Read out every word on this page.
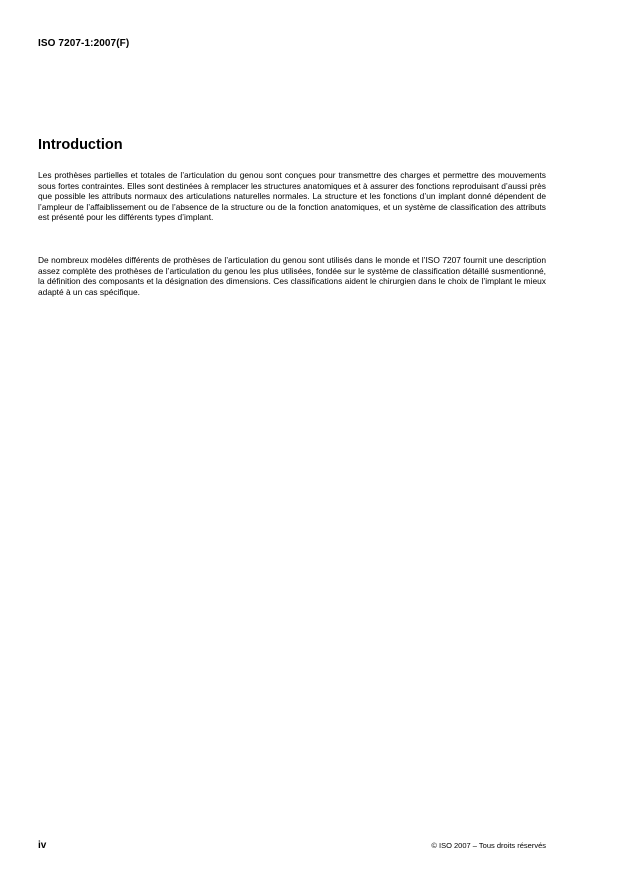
ISO 7207-1:2007(F)
Introduction

Les prothèses partielles et totales de l’articulation du genou sont conçues pour transmettre des charges et permettre des mouvements sous fortes contraintes. Elles sont destinées à remplacer les structures anatomiques et à assurer des fonctions reproduisant d’aussi près que possible les attributs normaux des articulations naturelles normales. La structure et les fonctions d’un implant donné dépendent de l’ampleur de l’affaiblissement ou de l’absence de la structure ou de la fonction anatomiques, et un système de classification des attributs est présenté pour les différents types d’implant.

De nombreux modèles différents de prothèses de l’articulation du genou sont utilisés dans le monde et l’ISO 7207 fournit une description assez complète des prothèses de l’articulation du genou les plus utilisées, fondée sur le système de classification détaillé susmentionné, la définition des composants et la désignation des dimensions. Ces classifications aident le chirurgien dans le choix de l’implant le mieux adapté à un cas spécifique.

iv	© ISO 2007 – Tous droits réservés
